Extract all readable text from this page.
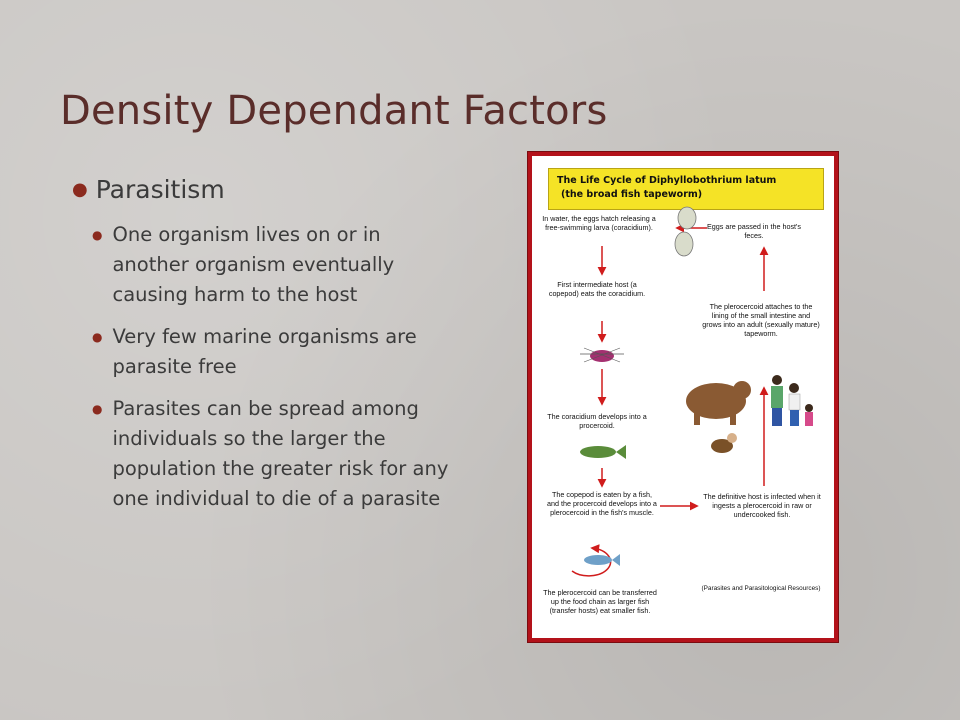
Density Dependant Factors
● Parasitism
● One organism lives on or in another organism eventually causing harm to the host
● Very few marine organisms are parasite free
● Parasites can be spread among individuals so the larger the population the greater risk for any one individual to die of a parasite
The Life Cycle of Diphyllobothrium latum
(the broad fish tapeworm)
In water, the eggs hatch releasing a free-swimming larva (coracidium).	Eggs are passed in the host's feces.
First intermediate host (a copepod) eats the coracidium.
The plerocercoid attaches to the lining of the small intestine and grows into an adult (sexually mature) tapeworm.
The coracidium develops into a procercoid.
The copepod is eaten by a fish, and the procercoid develops into a plerocercoid in the fish's muscle.
The definitive host is infected when it ingests a plerocercoid in raw or undercooked fish.
The plerocercoid can be transferred up the food chain as larger fish (transfer hosts) eat smaller fish.
(Parasites and Parasitological Resources)
